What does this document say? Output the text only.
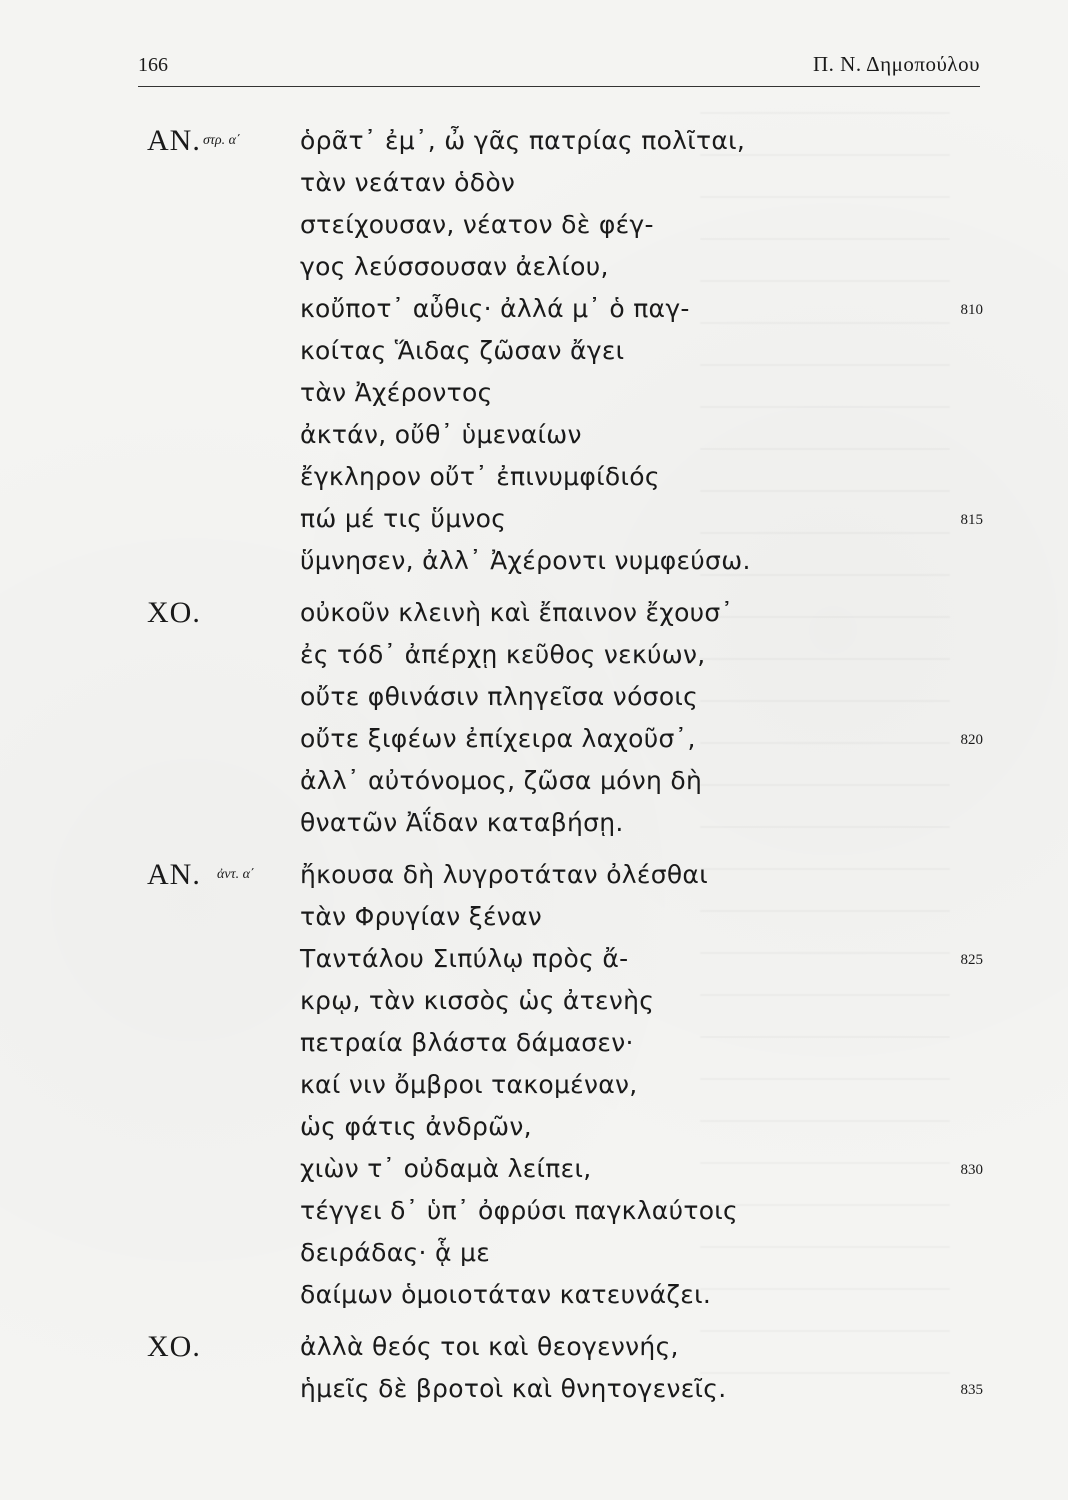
166	Π. Ν. Δημοπούλου
ΑΝ. στρ. α΄ ὁρᾶτ᾽ ἐμ᾽, ὦ γᾶς πατρίας πολῖται,
τὰν νεάταν ὁδὸν
στείχουσαν, νέατον δὲ φέγ-
γος λεύσσουσαν ἀελίου,
κοὔποτ᾽ αὖθις· ἀλλά μ᾽ ὁ παγ-	810
κοίτας Ἅιδας ζῶσαν ἄγει
τὰν Ἀχέροντος
ἀκτάν, οὔθ᾽ ὑμεναίων
ἔγκληρον οὔτ᾽ ἐπινυμφίδιός
πώ μέ τις ὕμνος	815
ὕμνησεν, ἀλλ᾽ Ἀχέροντι νυμφεύσω.
ΧΟ.	οὐκοῦν κλεινὴ καὶ ἔπαινον ἔχουσ᾽
ἐς τόδ᾽ ἀπέρχῃ κεῦθος νεκύων,
οὔτε φθινάσιν πληγεῖσα νόσοις
οὔτε ξιφέων ἐπίχειρα λαχοῦσ᾽,	820
ἀλλ᾽ αὐτόνομος, ζῶσα μόνη δὴ
θνατῶν Ἀΐδαν καταβήσῃ.
ΑΝ. ἀντ. α΄ ἤκουσα δὴ λυγροτάταν ὀλέσθαι
τὰν Φρυγίαν ξέναν
Ταντάλου Σιπύλῳ πρὸς ἄ-	825
κρῳ, τὰν κισσὸς ὡς ἀτενὴς
πετραία βλάστα δάμασεν·
καί νιν ὄμβροι τακομέναν,
ὡς φάτις ἀνδρῶν,
χιὼν τ᾽ οὐδαμὰ λείπει,	830
τέγγει δ᾽ ὑπ᾽ ὀφρύσι παγκλαύτοις
δειράδας· ᾇ με
δαίμων ὁμοιοτάταν κατευνάζει.
ΧΟ.	ἀλλὰ θεός τοι καὶ θεογεννής,
ἡμεῖς δὲ βροτοὶ καὶ θνητογενεῖς.	835
